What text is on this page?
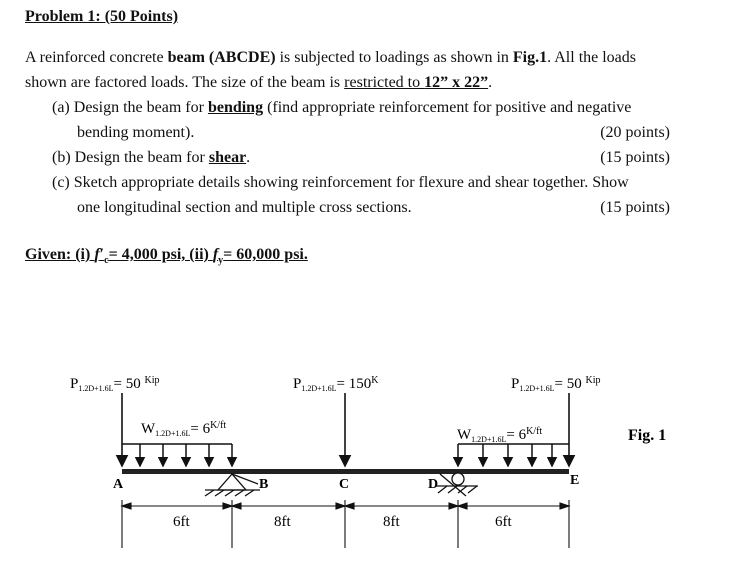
Problem 1: (50 Points)
A reinforced concrete beam (ABCDE) is subjected to loadings as shown in Fig.1. All the loads
shown are factored loads. The size of the beam is restricted to 12” x 22”.
(a) Design the beam for bending (find appropriate reinforcement for positive and negative
bending moment).	(20 points)
(b) Design the beam for shear.	(15 points)
(c) Sketch appropriate details showing reinforcement for flexure and shear together. Show
one longitudinal section and multiple cross sections.	(15 points)
Given: (i) $f'_c= 4,000$ psi, (ii) $f_y= 60,000$ psi.
A	B	C	D	E
$P_{1.2D+1.6L}= 50$ $^{Kip}$	$P_{1.2D+1.6L}= 150^K$	$P_{1.2D+1.6L}= 50$ $^{Kip}$
$W_{1.2D+1.6L}= 6^{K/ft}$
$W_{1.2D+1.6L}= 6^{K/ft}$	Fig. 1
6ft	8ft	8ft	6ft
